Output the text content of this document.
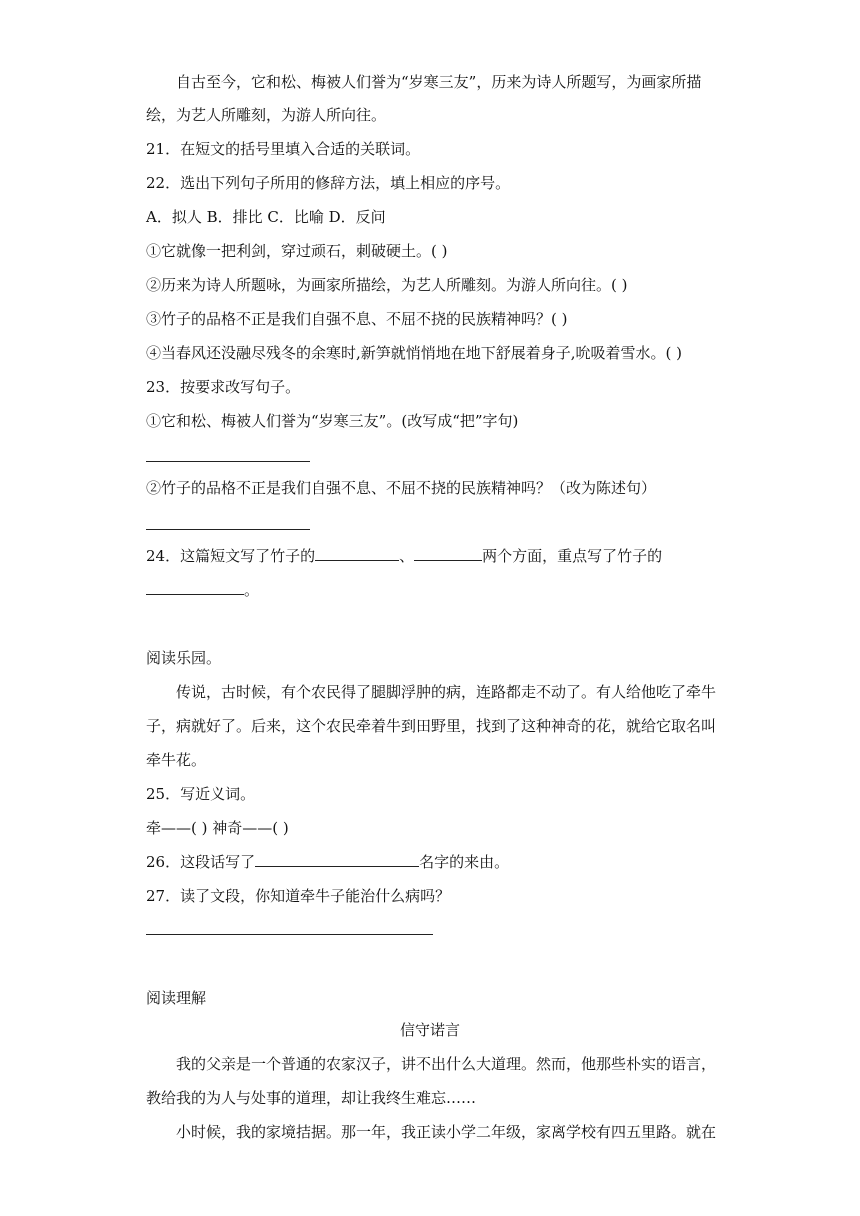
自古至今，它和松、梅被人们誉为“岁寒三友”，历来为诗人所题写，为画家所描
绘，为艺人所雕刻，为游人所向往。
21．在短文的括号里填入合适的关联词。
22．选出下列句子所用的修辞方法，填上相应的序号。
A．拟人 B．排比 C．比喻 D．反问
①它就像一把利剑，穿过顽石，刺破硬土。( )
②历来为诗人所题咏，为画家所描绘，为艺人所雕刻。为游人所向往。( )
③竹子的品格不正是我们自强不息、不屈不挠的民族精神吗？( )
④当春风还没融尽残冬的余寒时,新笋就悄悄地在地下舒展着身子,吮吸着雪水。( )
23．按要求改写句子。
①它和松、梅被人们誉为“岁寒三友”。(改写成“把”字句)
②竹子的品格不正是我们自强不息、不屈不挠的民族精神吗？（改为陈述句）
24．这篇短文写了竹子的	、	两个方面，重点写了竹子的
。
阅读乐园。
传说，古时候，有个农民得了腿脚浮肿的病，连路都走不动了。有人给他吃了牵牛
子，病就好了。后来，这个农民牵着牛到田野里，找到了这种神奇的花，就给它取名叫
牵牛花。
25．写近义词。
牵——( ) 神奇——( )
26．这段话写了	名字的来由。
27．读了文段，你知道牵牛子能治什么病吗？
阅读理解
信守诺言
我的父亲是一个普通的农家汉子，讲不出什么大道理。然而，他那些朴实的语言，
教给我的为人与处事的道理，却让我终生难忘……
小时候，我的家境拮据。那一年，我正读小学二年级，家离学校有四五里路。就在
